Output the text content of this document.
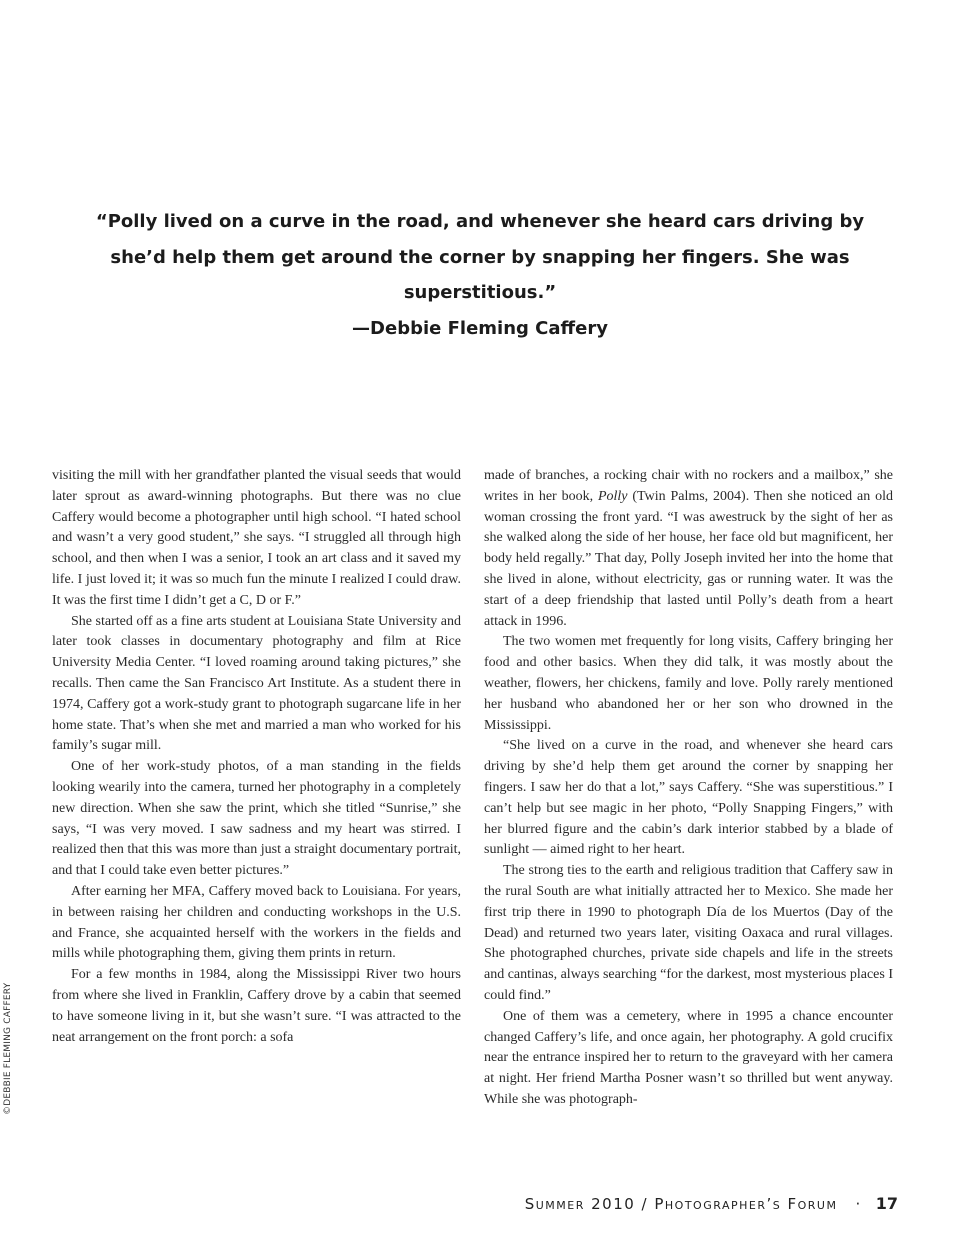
“Polly lived on a curve in the road, and whenever she heard cars driving by

she’d help them get around the corner by snapping her fingers. She was superstitious.”

—Debbie Fleming Caffery

visiting the mill with her grandfather planted the visual seeds that would later sprout as award-winning photographs. But there was no clue Caffery would become a photographer until high school. “I hated school and wasn’t a very good student,” she says. “I struggled all through high school, and then when I was a senior, I took an art class and it saved my life. I just loved it; it was so much fun the minute I realized I could draw. It was the first time I didn’t get a C, D or F.”

She started off as a fine arts student at Louisiana State University and later took classes in documentary photography and film at Rice University Media Center. “I loved roaming around taking pictures,” she recalls. Then came the San Francisco Art Institute. As a student there in 1974, Caffery got a work-study grant to photograph sugarcane life in her home state. That’s when she met and married a man who worked for his family’s sugar mill.

One of her work-study photos, of a man standing in the fields looking wearily into the camera, turned her photography in a completely new direction. When she saw the print, which she titled “Sunrise,” she says, “I was very moved. I saw sadness and my heart was stirred. I realized then that this was more than just a straight documentary portrait, and that I could take even better pictures.”

After earning her MFA, Caffery moved back to Louisiana. For years, in between raising her children and conducting workshops in the U.S. and France, she acquainted herself with the workers in the fields and mills while photographing them, giving them prints in return.

For a few months in 1984, along the Mississippi River two hours from where she lived in Franklin, Caffery drove by a cabin that seemed to have someone living in it, but she wasn’t sure. “I was attracted to the neat arrangement on the front porch: a sofa

made of branches, a rocking chair with no rockers and a mailbox,” she writes in her book, Polly (Twin Palms, 2004). Then she noticed an old woman crossing the front yard. “I was awestruck by the sight of her as she walked along the side of her house, her face old but magnificent, her body held regally.” That day, Polly Joseph invited her into the home that she lived in alone, without electricity, gas or running water. It was the start of a deep friendship that lasted until Polly’s death from a heart attack in 1996.

The two women met frequently for long visits, Caffery bringing her food and other basics. When they did talk, it was mostly about the weather, flowers, her chickens, family and love. Polly rarely mentioned her husband who abandoned her or her son who drowned in the Mississippi.

“She lived on a curve in the road, and whenever she heard cars driving by she’d help them get around the corner by snapping her fingers. I saw her do that a lot,” says Caffery. “She was superstitious.” I can’t help but see magic in her photo, “Polly Snapping Fingers,” with her blurred figure and the cabin’s dark interior stabbed by a blade of sunlight — aimed right to her heart.

The strong ties to the earth and religious tradition that Caffery saw in the rural South are what initially attracted her to Mexico. She made her first trip there in 1990 to photograph Día de los Muertos (Day of the Dead) and returned two years later, visiting Oaxaca and rural villages. She photographed churches, private side chapels and life in the streets and cantinas, always searching “for the darkest, most mysterious places I could find.”

One of them was a cemetery, where in 1995 a chance encounter changed Caffery’s life, and once again, her photography. A gold crucifix near the entrance inspired her to return to the graveyard with her camera at night. Her friend Martha Posner wasn’t so thrilled but went anyway. While she was photograph-

©DEBBIE FLEMING CAFFERY
Summer 2010 / Photographer’s Forum · 17
